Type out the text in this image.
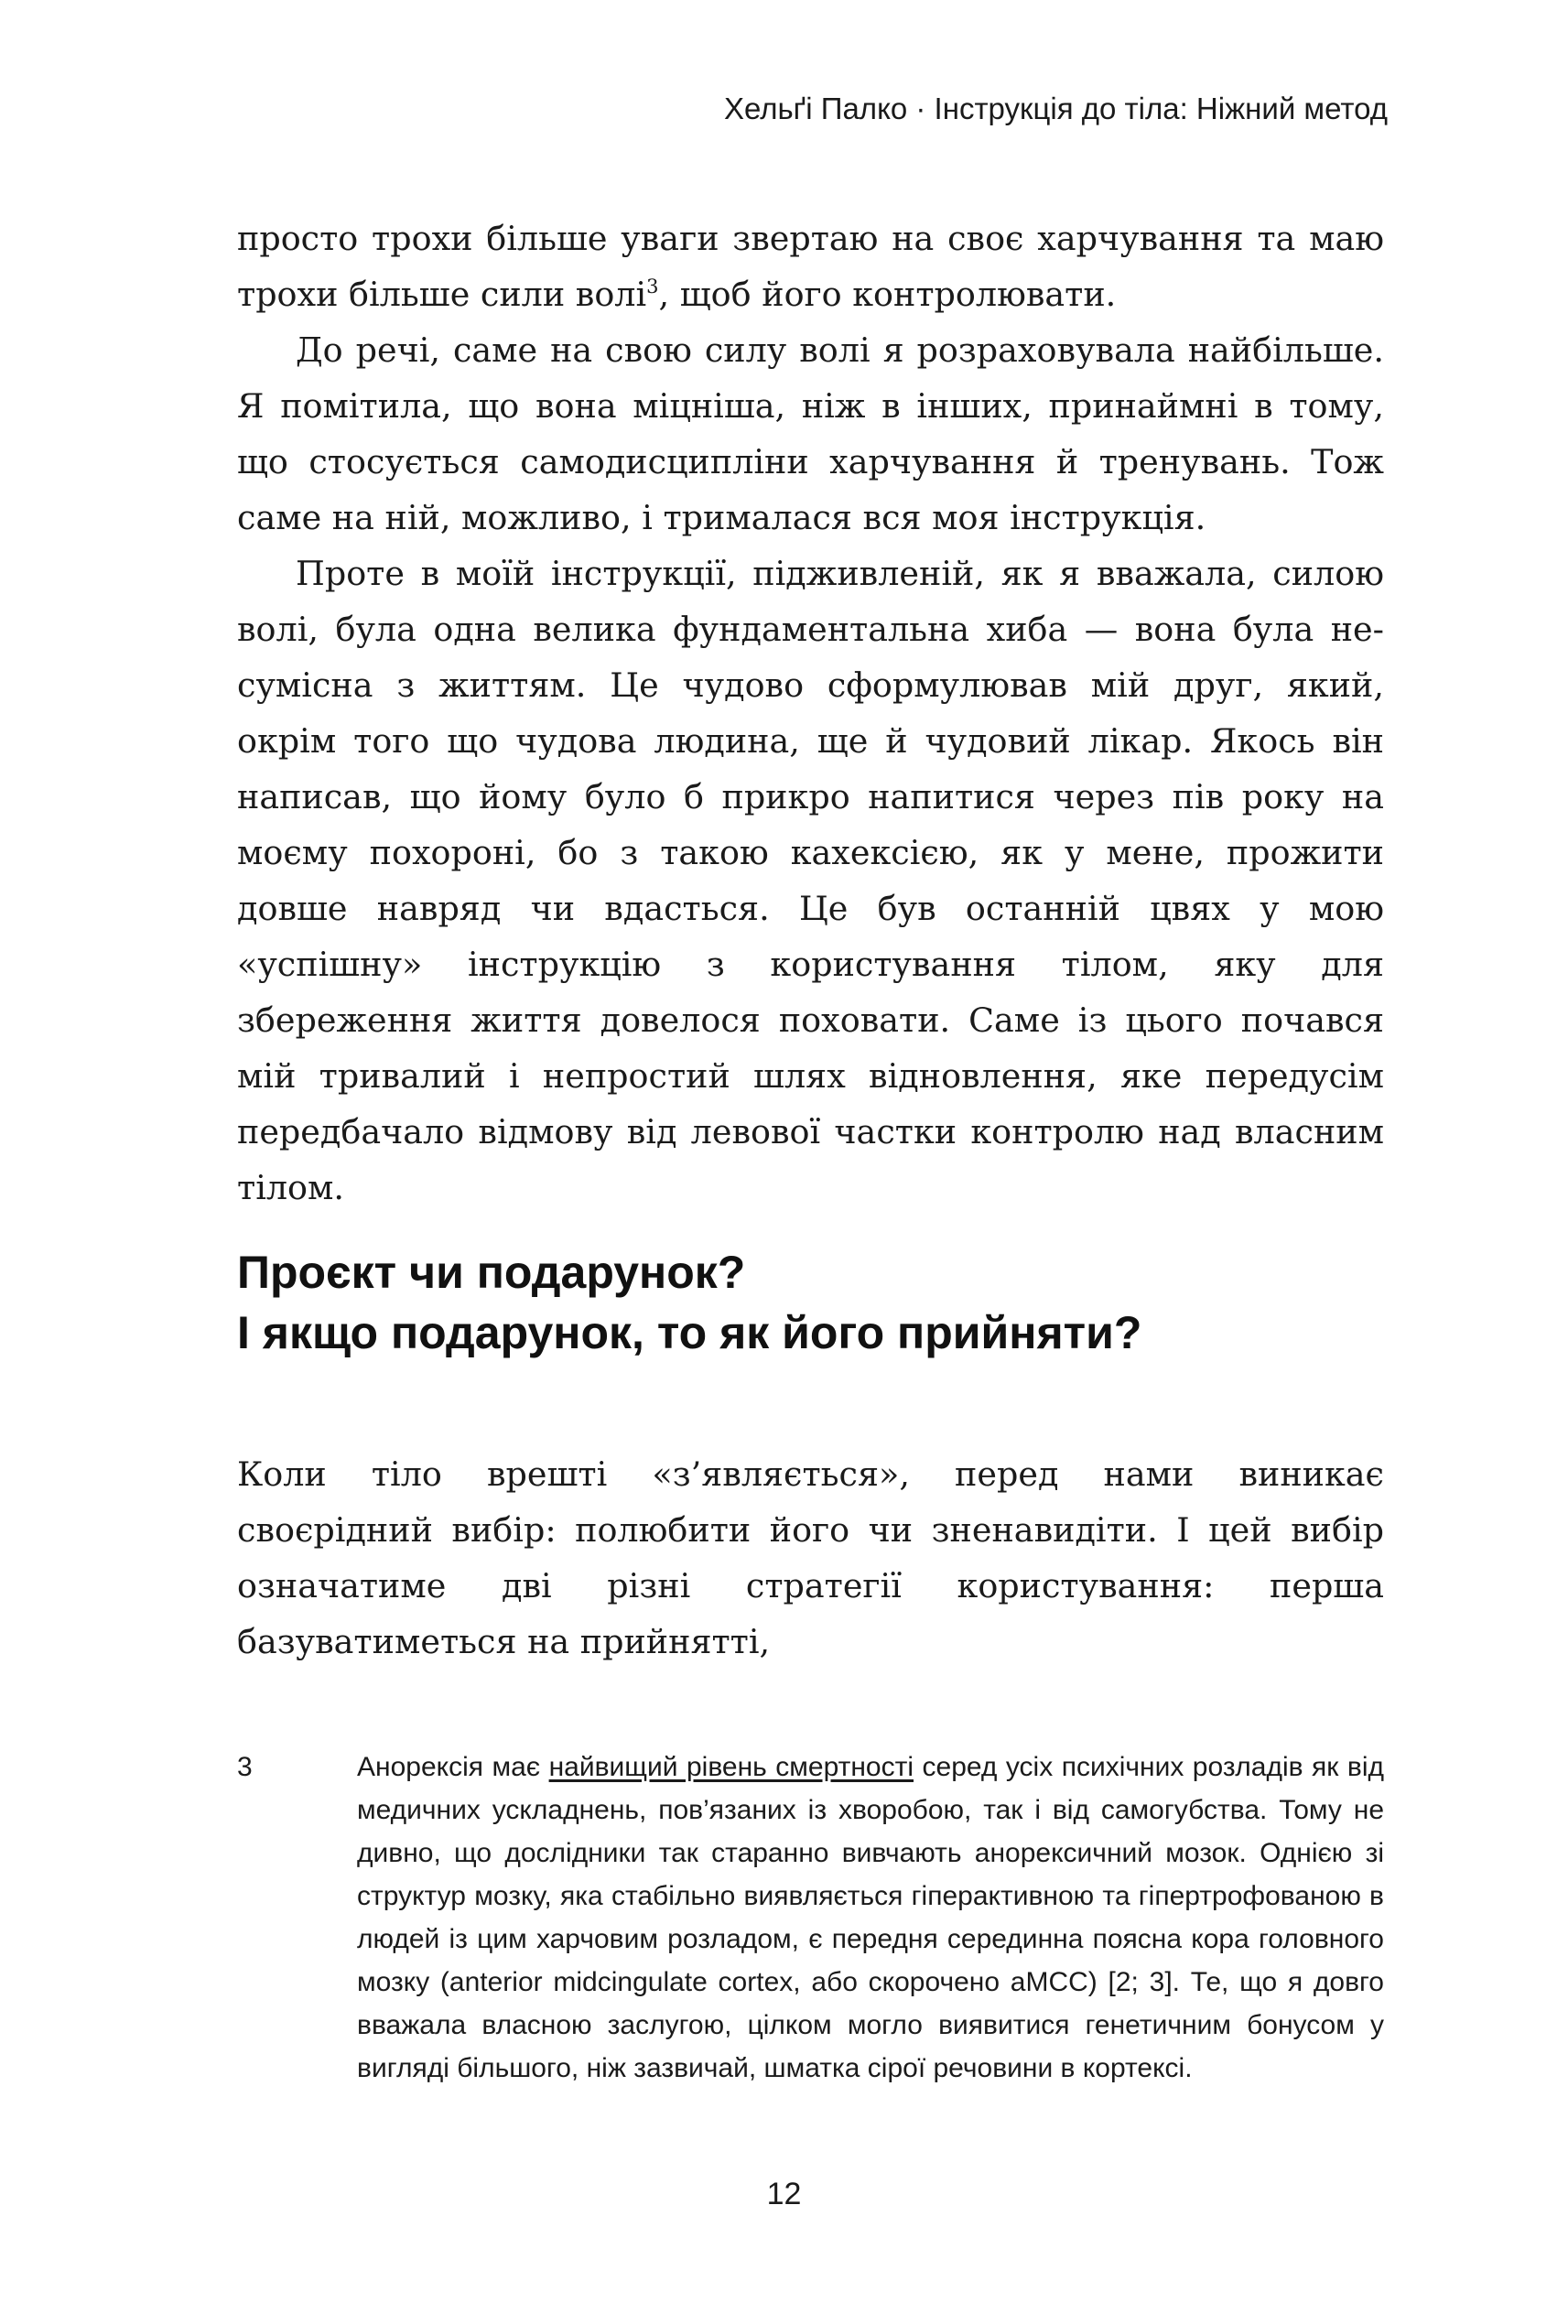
Хельґі Палко · Інструкція до тіла: Ніжний метод

просто трохи більше уваги звертаю на своє харчування та маю трохи більше сили волі$^3$, щоб його контролювати.

До речі, саме на свою силу волі я розраховувала найбільше. Я помітила, що вона міцніша, ніж в інших, принаймні в тому, що стосується самодисципліни харчування й тренувань. Тож саме на ній, можливо, і трималася вся моя інструкція.

Проте в моїй інструкції, підживленій, як я вважала, силою волі, була одна велика фундаментальна хиба — вона була несумісна з життям. Це чудово сформулював мій друг, який, окрім того що чудова людина, ще й чудовий лікар. Якось він написав, що йому було б прикро напитися через пів року на моєму похороні, бо з такою кахексією, як у мене, прожити довше навряд чи вдасться. Це був останній цвях у мою «успішну» інструкцію з користування тілом, яку для збереження життя довелося поховати. Саме із цього почався мій тривалий і непростий шлях відновлення, яке передусім передбачало відмову від левової частки контролю над власним тілом.

Проєкт чи подарунок?
І якщо подарунок, то як його прийняти?

Коли тіло врешті «з’являється», перед нами виникає своєрідний вибір: полюбити його чи зненавидіти. І цей вибір означатиме дві різні стратегії користування: перша базуватиметься на прийнятті,

3	Анорексія має найвищий рівень смертності серед усіх психічних розладів як від медичних ускладнень, пов’язаних із хворобою, так і від самогубства. Тому не дивно, що дослідники так старанно вивчають анорексичний мозок. Однією зі структур мозку, яка стабільно виявляється гіперактивною та гіпертрофованою в людей із цим харчовим розладом, є передня серединна поясна кора головного мозку (anterior midcingulate cortex, або скорочено aMCC) [2; 3]. Те, що я довго вважала власною заслугою, цілком могло виявитися генетичним бонусом у вигляді більшого, ніж зазвичай, шматка сірої речовини в кортексі.
12
